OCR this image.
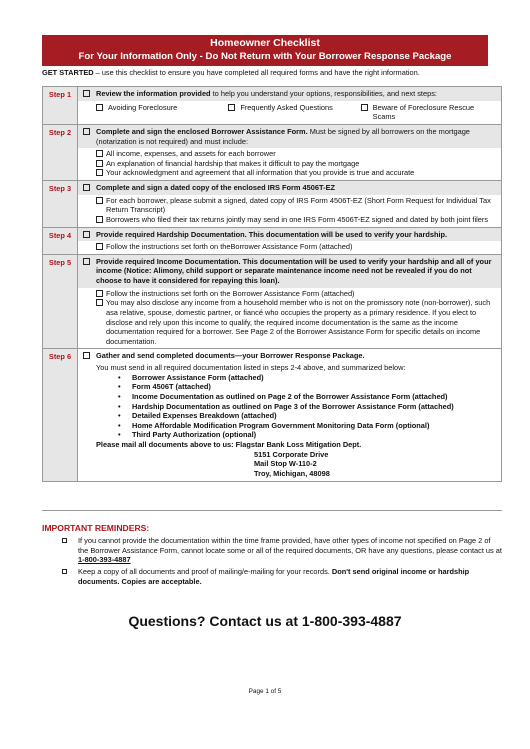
Homeowner Checklist
For Your Information Only - Do Not Return with Your Borrower Response Package
GET STARTED – use this checklist to ensure you have completed all required forms and have the right information.
Step 1	Review the information provided to help you understand your options, responsibilities, and next steps:
Avoiding Foreclosure	Frequently Asked Questions	Beware of Foreclosure Rescue Scams
Step 2	Complete and sign the enclosed Borrower Assistance Form. Must be signed by all borrowers on the mortgage (notarization is not required) and must include:
All income, expenses, and assets for each borrower
An explanation of financial hardship that makes it difficult to pay the mortgage
Your acknowledgment and agreement that all information that you provide is true and accurate
Step 3	Complete and sign a dated copy of the enclosed IRS Form 4506T-EZ
For each borrower, please submit a signed, dated copy of IRS Form 4506T-EZ (Short Form Request for Individual Tax Return Transcript)
Borrowers who filed their tax returns jointly may send in one IRS Form 4506T-EZ signed and dated by both joint filers
Step 4	Provide required Hardship Documentation. This documentation will be used to verify your hardship.
Follow the instructions set forth on theBorrower Assistance Form (attached)
Step 5	Provide required Income Documentation. This documentation will be used to verify your hardship and all of your income (Notice: Alimony, child support or separate maintenance income need not be revealed if you do not choose to have it considered for repaying this loan).
Follow the instructions set forth on the Borrower Assistance Form (attached)
You may also disclose any income from a household member who is not on the promissory note (non-borrower), such asa relative, spouse, domestic partner, or fiancé who occupies the property as a primary residence. If you elect to disclose and rely upon this income to qualify, the required income documentation is the same as the income documentation required for a borrower. See Page 2 of the Borrower Assistance Form for specific details on income documentation.
Step 6	Gather and send completed documents—your Borrower Response Package.
You must send in all required documentation listed in steps 2-4 above, and summarized below:
• Borrower Assistance Form (attached)
• Form 4506T (attached)
• Income Documentation as outlined on Page 2 of the Borrower Assistance Form (attached)
• Hardship Documentation as outlined on Page 3 of the Borrower Assistance Form (attached)
• Detailed Expenses Breakdown (attached)
• Home Affordable Modification Program Government Monitoring Data Form (optional)
• Third Party Authorization (optional)
Please mail all documents above to us: Flagstar Bank Loss Mitigation Dept.
5151 Corporate Drive
Mail Stop W-110-2
Troy, Michigan, 48098
IMPORTANT REMINDERS:
If you cannot provide the documentation within the time frame provided, have other types of income not specified on Page 2 of the Borrower Assistance Form, cannot locate some or all of the required documents, OR have any questions, please contact us at 1-800-393-4887
Keep a copy of all documents and proof of mailing/e-mailing for your records. Don't send original income or hardship documents. Copies are acceptable.
Questions? Contact us at 1-800-393-4887
Page 1 of 5
